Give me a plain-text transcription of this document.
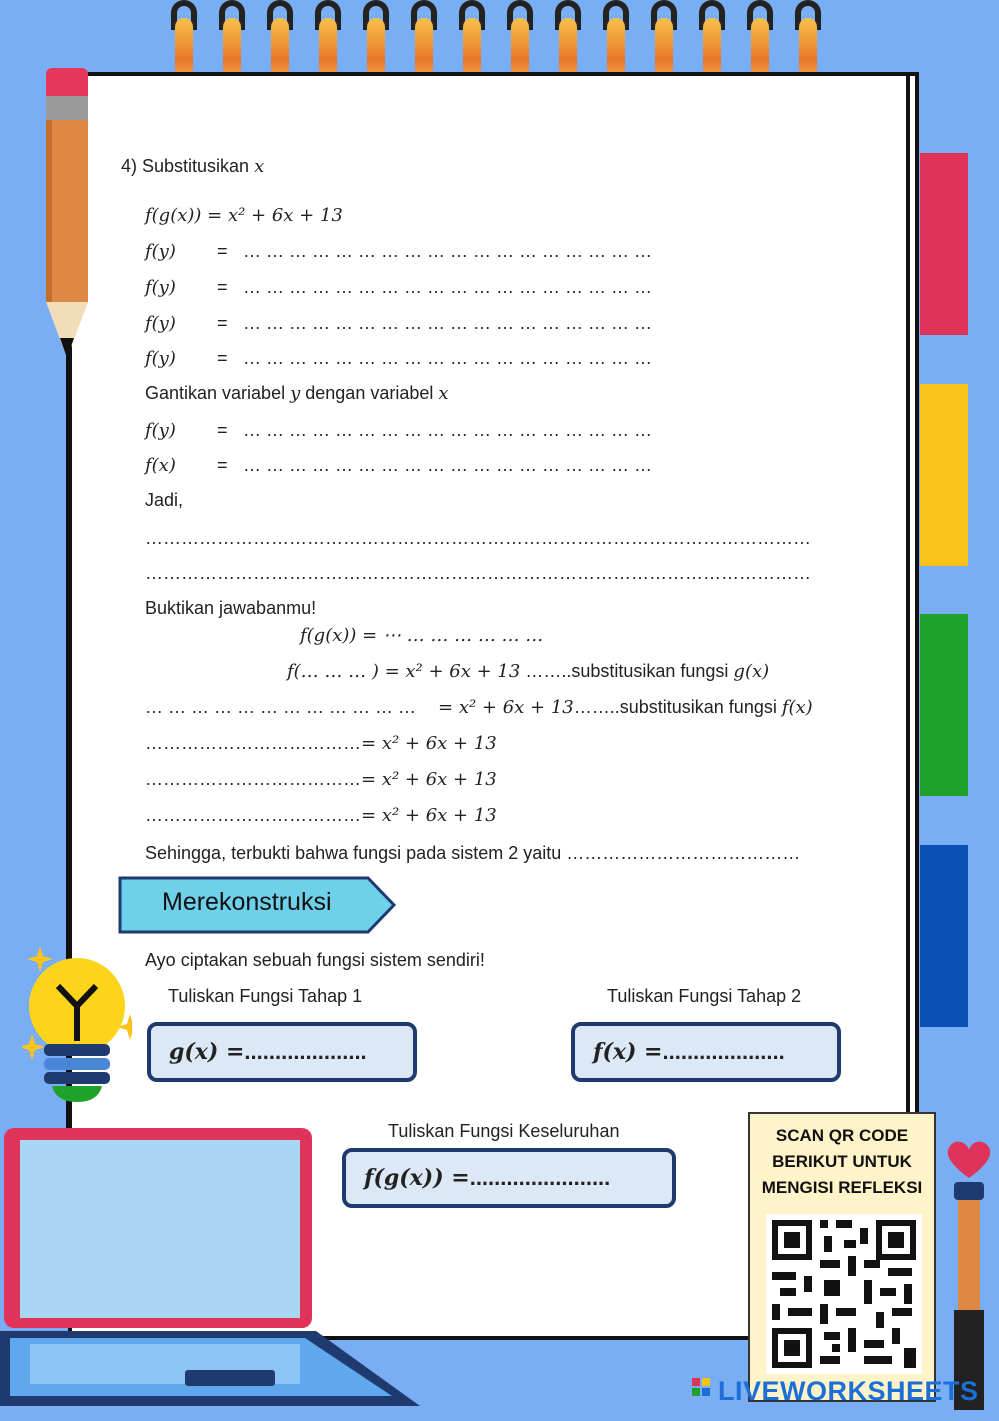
4) Substitusikan x
f(g(x)) = x² + 6x + 13
f(y) = … … … … … … … … … … … … … … … … … …
f(y) = … … … … … … … … … … … … … … … … … …
f(y) = … … … … … … … … … … … … … … … … … …
f(y) = … … … … … … … … … … … … … … … … … …
Gantikan variabel y dengan variabel x
f(y) = … … … … … … … … … … … … … … … … … …
f(x) = … … … … … … … … … … … … … … … … … …
Jadi,
…………………………………………………………………………………………………
…………………………………………………………………………………………………
Buktikan jawabanmu!
f(g(x)) = ⋯ … … … … … …
f(… … … ) = x² + 6x + 13 ……..substitusikan fungsi g(x)
… … … … … … … … … … … … = x² + 6x + 13……..substitusikan fungsi f(x)
………………………………= x² + 6x + 13
………………………………= x² + 6x + 13
………………………………= x² + 6x + 13
Sehingga, terbukti bahwa fungsi pada sistem 2 yaitu …………………………………
Merekonstruksi
Ayo ciptakan sebuah fungsi sistem sendiri!
Tuliskan Fungsi Tahap 1	Tuliskan Fungsi Tahap 2
Tuliskan Fungsi Keseluruhan
g(x) = ....................	f(x) = ....................
f(g(x)) = .......................
SCAN QR CODE
BERIKUT UNTUK
MENGISI REFLEKSI
LIVEWORKSHEETS
